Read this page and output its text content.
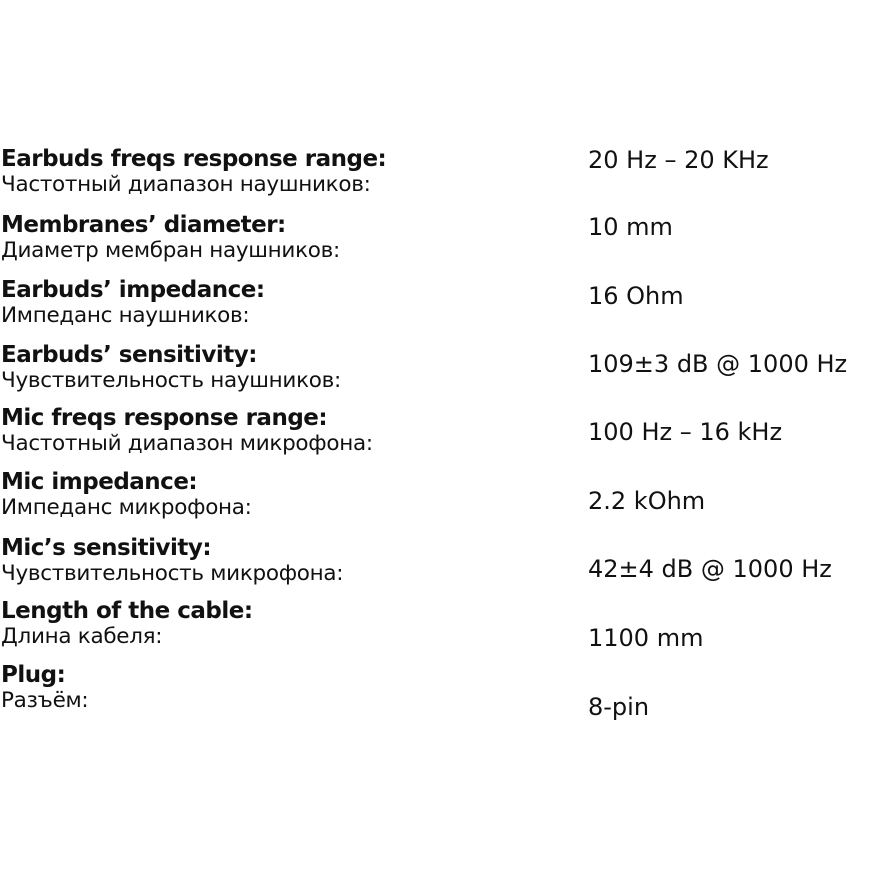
Earbuds freqs response range:
Частотный диапазон наушников:
20 Hz – 20 KHz
Membranes’ diameter:
Диаметр мембран наушников:
10 mm
Earbuds’ impedance:
Импеданс наушников:
16 Ohm
Earbuds’ sensitivity:
Чувствительность наушников:
109±3 dB @ 1000 Hz
Mic freqs response range:
Частотный диапазон микрофона:	100 Hz – 16 kHz
Mic impedance:
Импеданс микрофона:	2.2 kOhm
Mic’s sensitivity:
Чувствительность микрофона:	42±4 dB @ 1000 Hz
Length of the cable:
Длина кабеля:	1100 mm
Plug:
Разъём:	8-pin
